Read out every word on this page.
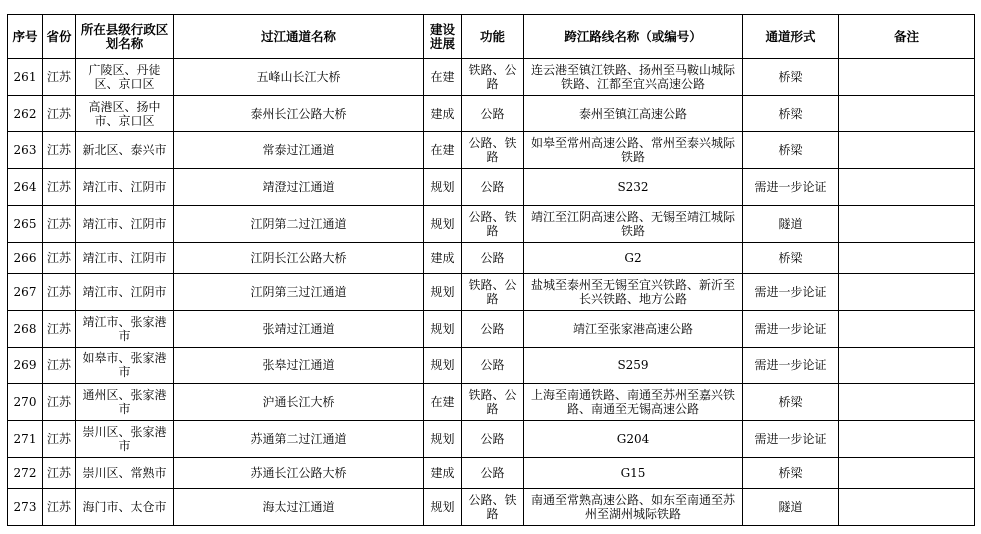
序号	省份	所在县级行政区划名称	过江通道名称	建设进展	功能	跨江路线名称（或编号）	通道形式	备注
261	江苏	广陵区、丹徒区、京口区	五峰山长江大桥	在建	铁路、公路	连云港至镇江铁路、扬州至马鞍山城际铁路、江都至宜兴高速公路	桥梁	
262	江苏	高港区、扬中市、京口区	泰州长江公路大桥	建成	公路	泰州至镇江高速公路	桥梁	
263	江苏	新北区、泰兴市	常泰过江通道	在建	公路、铁路	如皋至常州高速公路、常州至泰兴城际铁路	桥梁	
264	江苏	靖江市、江阴市	靖澄过江通道	规划	公路	S232	需进一步论证	
265	江苏	靖江市、江阴市	江阴第二过江通道	规划	公路、铁路	靖江至江阴高速公路、无锡至靖江城际铁路	隧道	
266	江苏	靖江市、江阴市	江阴长江公路大桥	建成	公路	G2	桥梁	
267	江苏	靖江市、江阴市	江阴第三过江通道	规划	铁路、公路	盐城至泰州至无锡至宜兴铁路、新沂至长兴铁路、地方公路	需进一步论证	
268	江苏	靖江市、张家港市	张靖过江通道	规划	公路	靖江至张家港高速公路	需进一步论证	
269	江苏	如皋市、张家港市	张皋过江通道	规划	公路	S259	需进一步论证	
270	江苏	通州区、张家港市	沪通长江大桥	在建	铁路、公路	上海至南通铁路、南通至苏州至嘉兴铁路、南通至无锡高速公路	桥梁	
271	江苏	崇川区、张家港市	苏通第二过江通道	规划	公路	G204	需进一步论证	
272	江苏	崇川区、常熟市	苏通长江公路大桥	建成	公路	G15	桥梁	
273	江苏	海门市、太仓市	海太过江通道	规划	公路、铁路	南通至常熟高速公路、如东至南通至苏州至湖州城际铁路	隧道	
